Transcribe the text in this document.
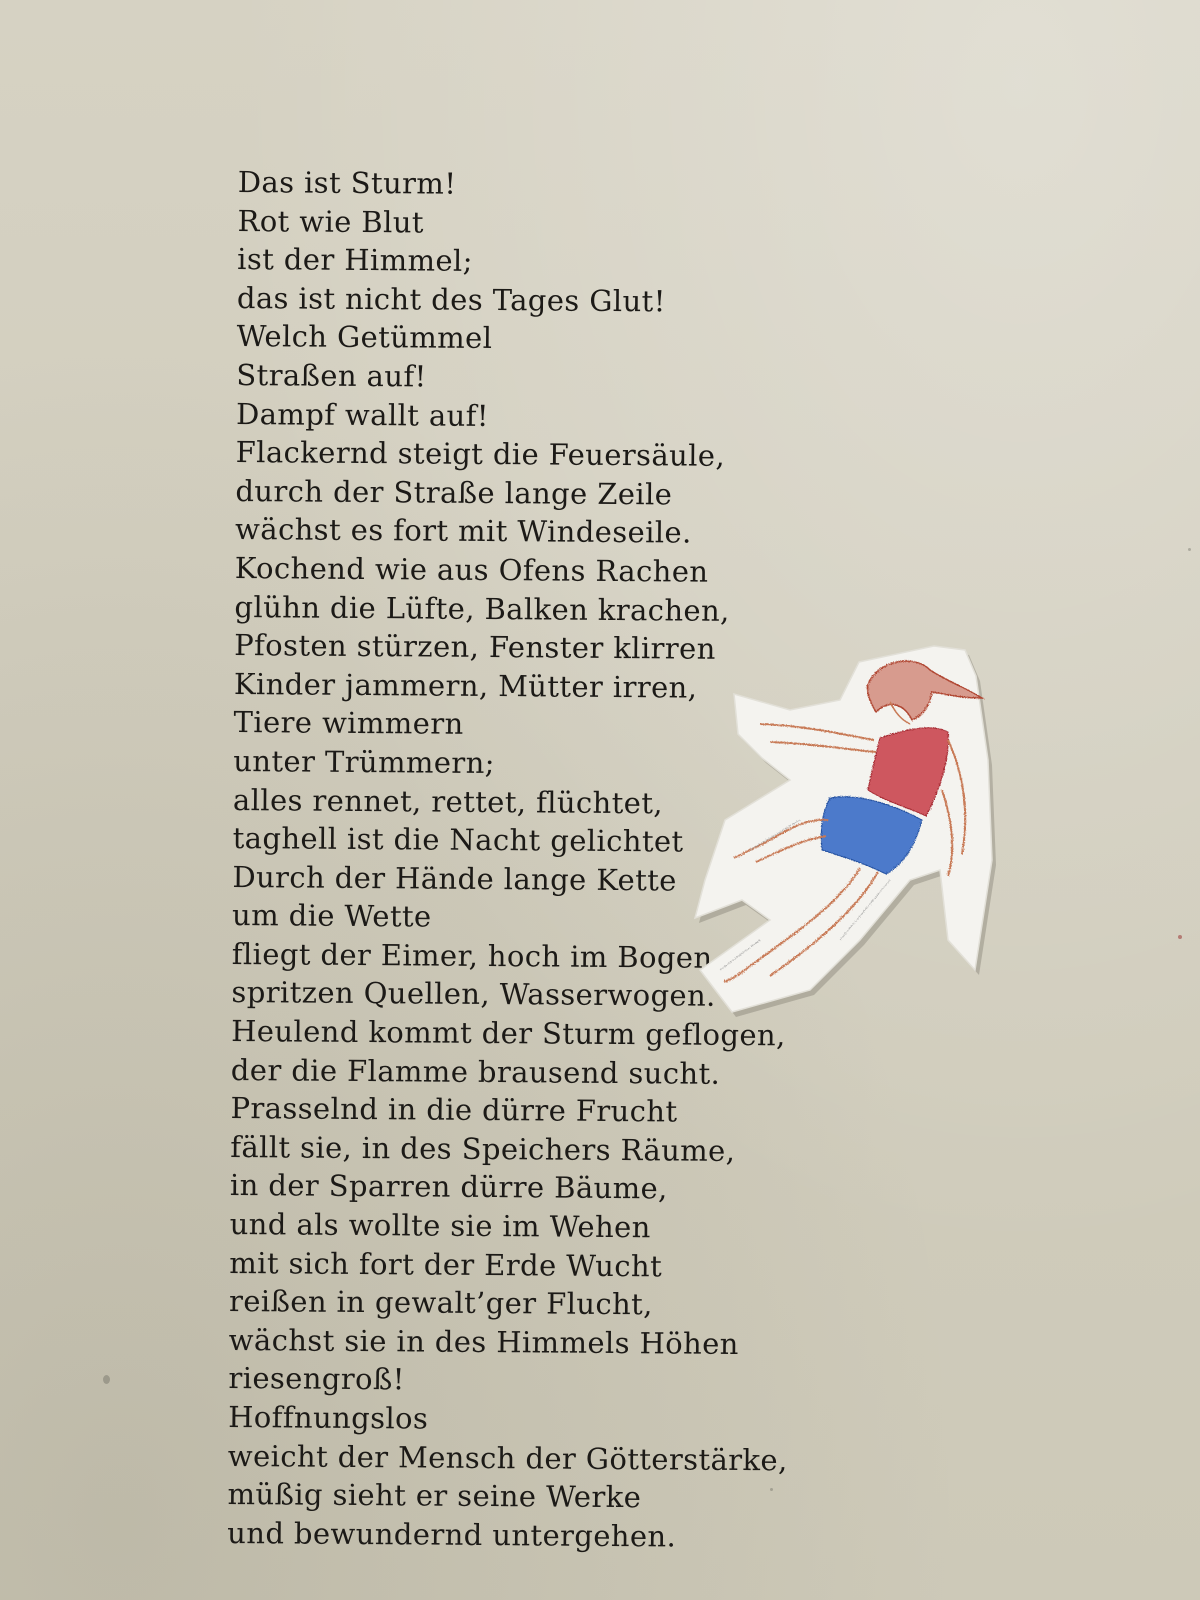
Das ist Sturm!
Rot wie Blut
ist der Himmel;
das ist nicht des Tages Glut!
Welch Getümmel
Straßen auf!
Dampf wallt auf!
Flackernd steigt die Feuersäule,
durch der Straße lange Zeile
wächst es fort mit Windeseile.
Kochend wie aus Ofens Rachen
glühn die Lüfte, Balken krachen,
Pfosten stürzen, Fenster klirren
Kinder jammern, Mütter irren,
Tiere wimmern
unter Trümmern;
alles rennet, rettet, flüchtet,
taghell ist die Nacht gelichtet
Durch der Hände lange Kette
um die Wette
fliegt der Eimer, hoch im Bogen
spritzen Quellen, Wasserwogen.
Heulend kommt der Sturm geflogen,
der die Flamme brausend sucht.
Prasselnd in die dürre Frucht
fällt sie, in des Speichers Räume,
in der Sparren dürre Bäume,
und als wollte sie im Wehen
mit sich fort der Erde Wucht
reißen in gewalt’ger Flucht,
wächst sie in des Himmels Höhen
riesengroß!
Hoffnungslos
weicht der Mensch der Götterstärke,
müßig sieht er seine Werke
und bewundernd untergehen.
